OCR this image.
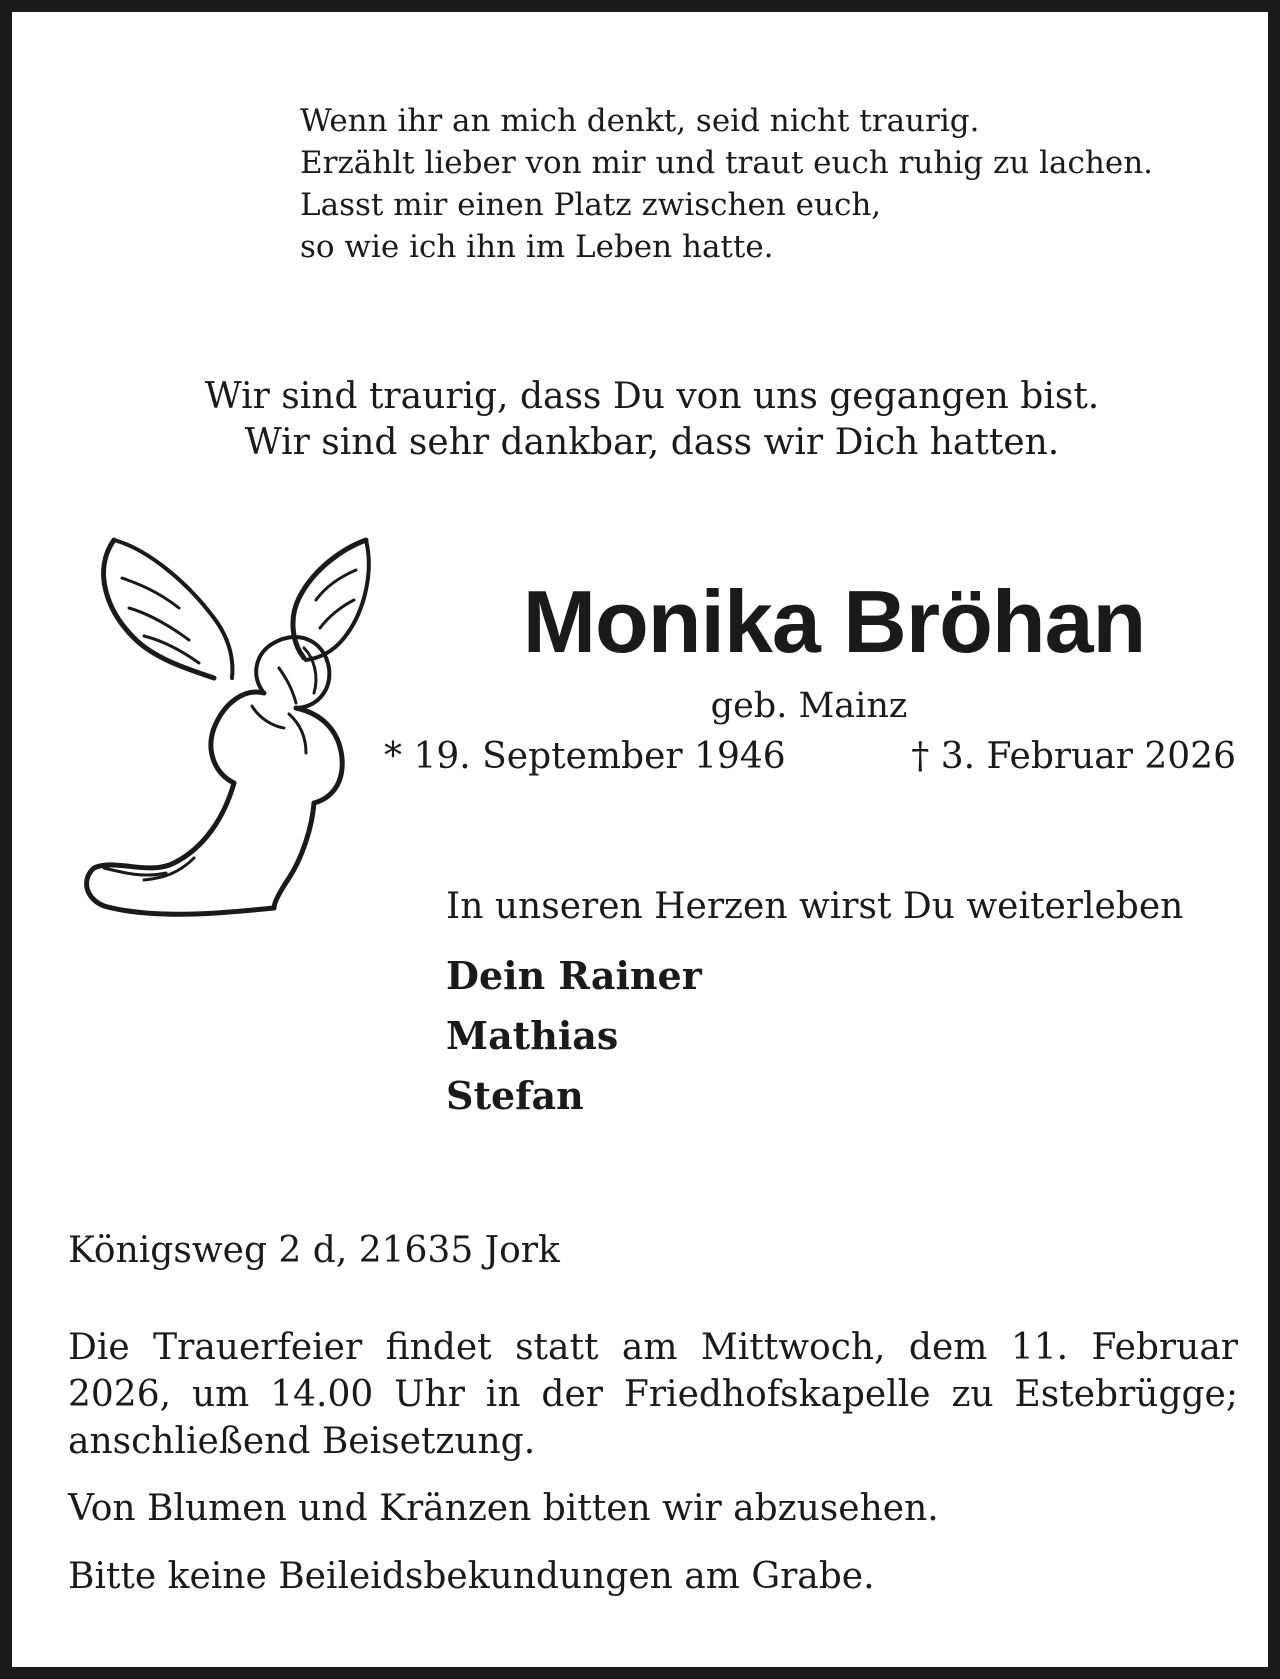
Wenn ihr an mich denkt, seid nicht traurig.
Erzählt lieber von mir und traut euch ruhig zu lachen.
Lasst mir einen Platz zwischen euch,
so wie ich ihn im Leben hatte.
Wir sind traurig, dass Du von uns gegangen bist.
Wir sind sehr dankbar, dass wir Dich hatten.
Monika Bröhan
geb. Mainz
* 19. September 1946	† 3. Februar 2026
In unseren Herzen wirst Du weiterleben
Dein Rainer
Mathias
Stefan
Königsweg 2 d, 21635 Jork
Die Trauerfeier findet statt am Mittwoch, dem 11. Februar 2026, um 14.00 Uhr in der Friedhofskapelle zu Estebrügge; anschließend Beisetzung.
Von Blumen und Kränzen bitten wir abzusehen.
Bitte keine Beileidsbekundungen am Grabe.
